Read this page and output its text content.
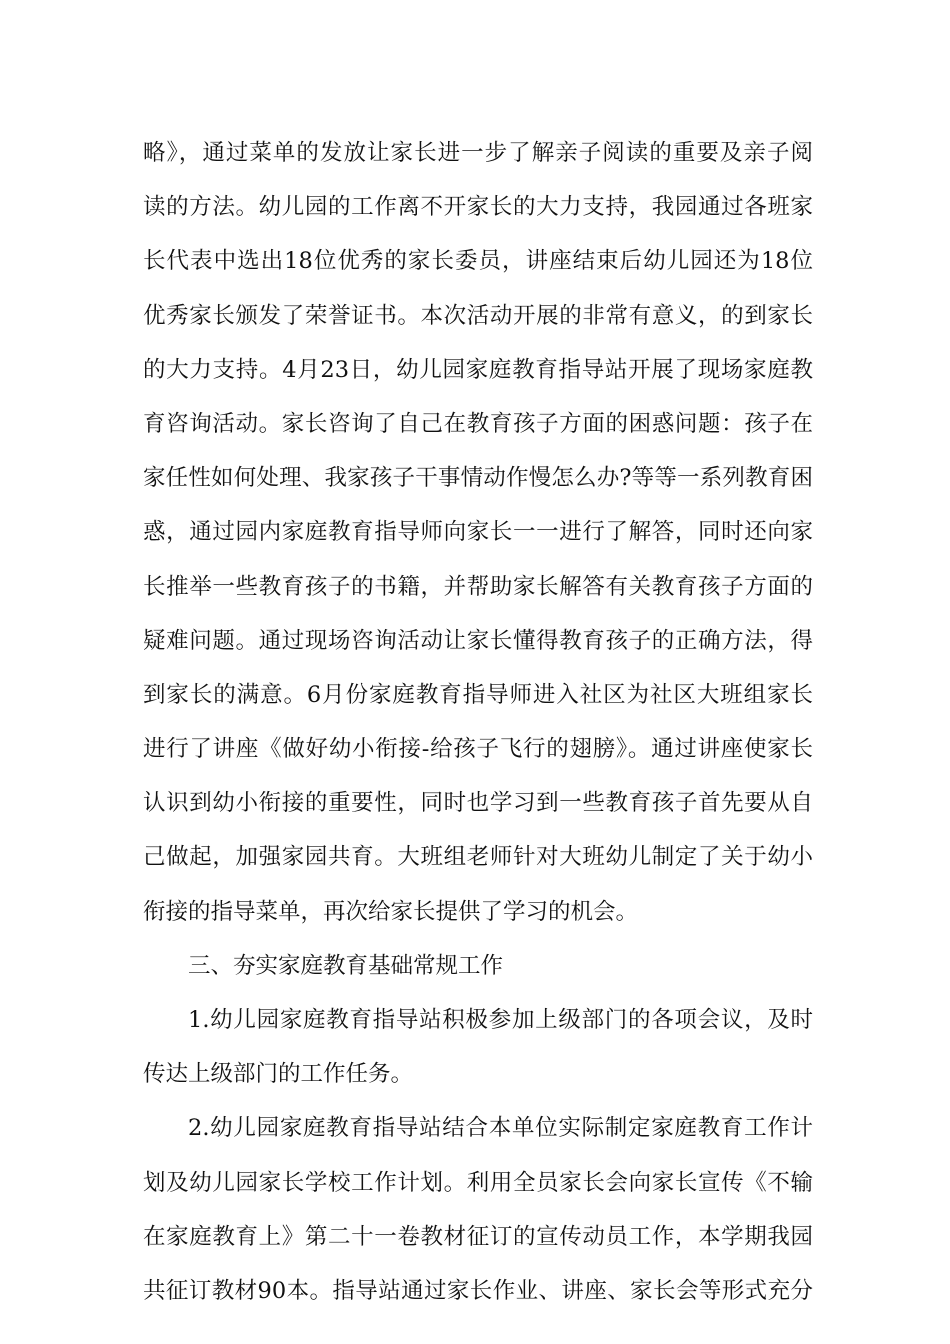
略》，通过菜单的发放让家长进一步了解亲子阅读的重要及亲子阅
读的方法。幼儿园的工作离不开家长的大力支持，我园通过各班家
长代表中选出18位优秀的家长委员，讲座结束后幼儿园还为18位
优秀家长颁发了荣誉证书。本次活动开展的非常有意义，的到家长
的大力支持。4月23日，幼儿园家庭教育指导站开展了现场家庭教
育咨询活动。家长咨询了自己在教育孩子方面的困惑问题：孩子在
家任性如何处理、我家孩子干事情动作慢怎么办?等等一系列教育困
惑，通过园内家庭教育指导师向家长一一进行了解答，同时还向家
长推举一些教育孩子的书籍，并帮助家长解答有关教育孩子方面的
疑难问题。通过现场咨询活动让家长懂得教育孩子的正确方法，得
到家长的满意。6月份家庭教育指导师进入社区为社区大班组家长
进行了讲座《做好幼小衔接-给孩子飞行的翅膀》。通过讲座使家长
认识到幼小衔接的重要性，同时也学习到一些教育孩子首先要从自
己做起，加强家园共育。大班组老师针对大班幼儿制定了关于幼小
衔接的指导菜单，再次给家长提供了学习的机会。
三、夯实家庭教育基础常规工作
1.幼儿园家庭教育指导站积极参加上级部门的各项会议，及时
传达上级部门的工作任务。
2.幼儿园家庭教育指导站结合本单位实际制定家庭教育工作计
划及幼儿园家长学校工作计划。利用全员家长会向家长宣传《不输
在家庭教育上》第二十一卷教材征订的宣传动员工作，本学期我园
共征订教材90本。指导站通过家长作业、讲座、家长会等形式充分
